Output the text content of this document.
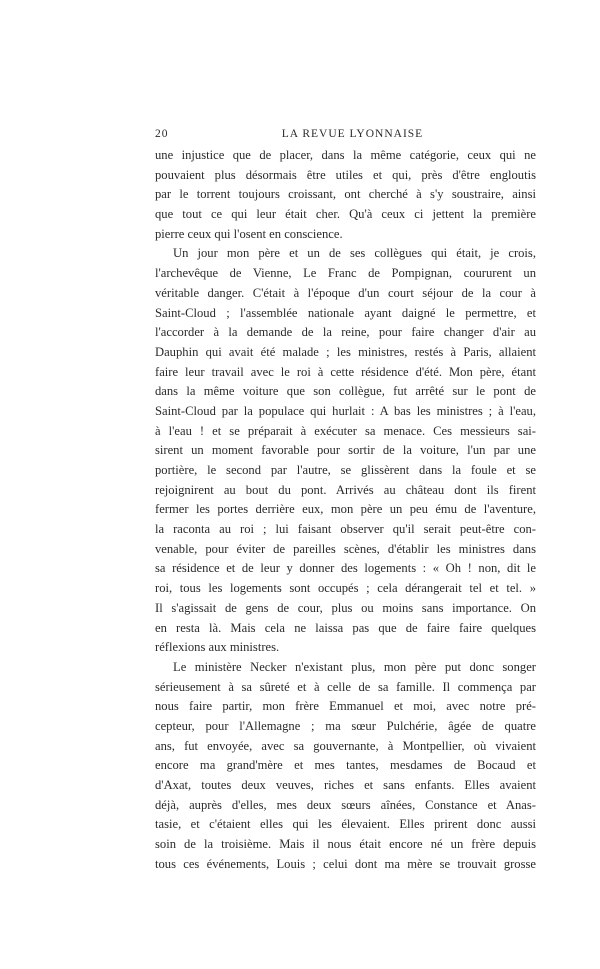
20	LA REVUE LYONNAISE

une injustice que de placer, dans la même catégorie, ceux qui ne
pouvaient plus désormais être utiles et qui, près d'être engloutis
par le torrent toujours croissant, ont cherché à s'y soustraire, ainsi
que tout ce qui leur était cher. Qu'à ceux ci jettent la première
pierre ceux qui l'osent en conscience.

Un jour mon père et un de ses collègues qui était, je crois,
l'archevêque de Vienne, Le Franc de Pompignan, coururent un
véritable danger. C'était à l'époque d'un court séjour de la cour à
Saint-Cloud ; l'assemblée nationale ayant daigné le permettre, et
l'accorder à la demande de la reine, pour faire changer d'air au
Dauphin qui avait été malade ; les ministres, restés à Paris, allaient
faire leur travail avec le roi à cette résidence d'été. Mon père, étant
dans la même voiture que son collègue, fut arrêté sur le pont de
Saint-Cloud par la populace qui hurlait : A bas les ministres ; à l'eau,
à l'eau ! et se préparait à exécuter sa menace. Ces messieurs sai-
sirent un moment favorable pour sortir de la voiture, l'un par une
portière, le second par l'autre, se glissèrent dans la foule et se
rejoignirent au bout du pont. Arrivés au château dont ils firent
fermer les portes derrière eux, mon père un peu ému de l'aventure,
la raconta au roi ; lui faisant observer qu'il serait peut-être con-
venable, pour éviter de pareilles scènes, d'établir les ministres dans
sa résidence et de leur y donner des logements : « Oh ! non, dit le
roi, tous les logements sont occupés ; cela dérangerait tel et tel. »
Il s'agissait de gens de cour, plus ou moins sans importance. On
en resta là. Mais cela ne laissa pas que de faire faire quelques
réflexions aux ministres.

Le ministère Necker n'existant plus, mon père put donc songer
sérieusement à sa sûreté et à celle de sa famille. Il commença par
nous faire partir, mon frère Emmanuel et moi, avec notre pré-
cepteur, pour l'Allemagne ; ma sœur Pulchérie, âgée de quatre
ans, fut envoyée, avec sa gouvernante, à Montpellier, où vivaient
encore ma grand'mère et mes tantes, mesdames de Bocaud et
d'Axat, toutes deux veuves, riches et sans enfants. Elles avaient
déjà, auprès d'elles, mes deux sœurs aînées, Constance et Anas-
tasie, et c'étaient elles qui les élevaient. Elles prirent donc aussi
soin de la troisième. Mais il nous était encore né un frère depuis
tous ces événements, Louis ; celui dont ma mère se trouvait grosse
